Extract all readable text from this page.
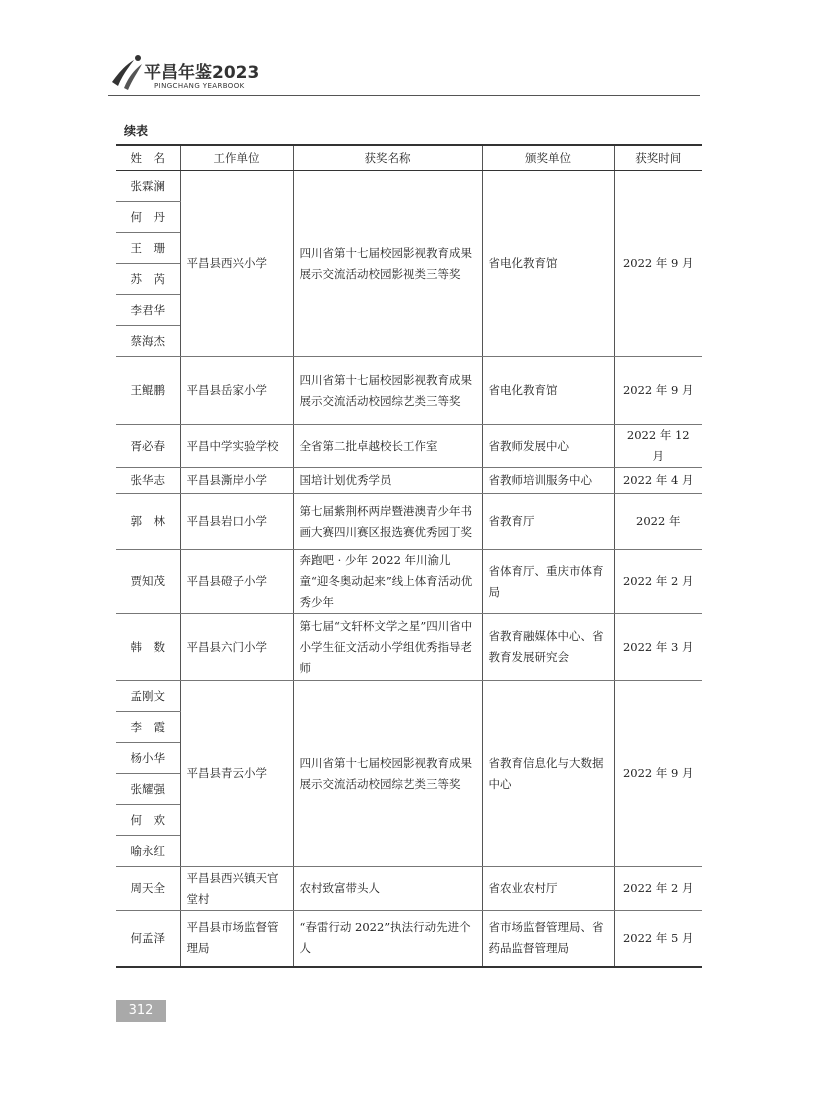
平昌年鉴2023
PINGCHANG YEARBOOK
续表
姓　名	工作单位	获奖名称	颁奖单位	获奖时间
张霖澜	平昌县西兴小学	四川省第十七届校园影视教育成果展示交流活动校园影视类三等奖	省电化教育馆	2022 年 9 月
何　丹				
王　珊				
苏　芮				
李君华				
蔡海杰				
王鲲鹏	平昌县岳家小学	四川省第十七届校园影视教育成果展示交流活动校园综艺类三等奖	省电化教育馆	2022 年 9 月
胥必春	平昌中学实验学校	全省第二批卓越校长工作室	省教师发展中心	2022 年 12 月
张华志	平昌县澌岸小学	国培计划优秀学员	省教师培训服务中心	2022 年 4 月
郭　林	平昌县岩口小学	第七届紫荆杯两岸暨港澳青少年书画大赛四川赛区报选赛优秀园丁奖	省教育厅	2022 年
贾知茂	平昌县磴子小学	奔跑吧 · 少年 2022 年川渝儿童“迎冬奥动起来”线上体育活动优秀少年	省体育厅、重庆市体育局	2022 年 2 月
韩　数	平昌县六门小学	第七届“文轩杯文学之星”四川省中小学生征文活动小学组优秀指导老师	省教育融媒体中心、省教育发展研究会	2022 年 3 月
孟刚文	平昌县青云小学	四川省第十七届校园影视教育成果展示交流活动校园综艺类三等奖	省教育信息化与大数据中心	2022 年 9 月
李　霞				
杨小华				
张耀强				
何　欢				
喻永红				
周天全	平昌县西兴镇天官堂村	农村致富带头人	省农业农村厅	2022 年 2 月
何孟泽	平昌县市场监督管理局	“春雷行动 2022”执法行动先进个人	省市场监督管理局、省药品监督管理局	2022 年 5 月
312
